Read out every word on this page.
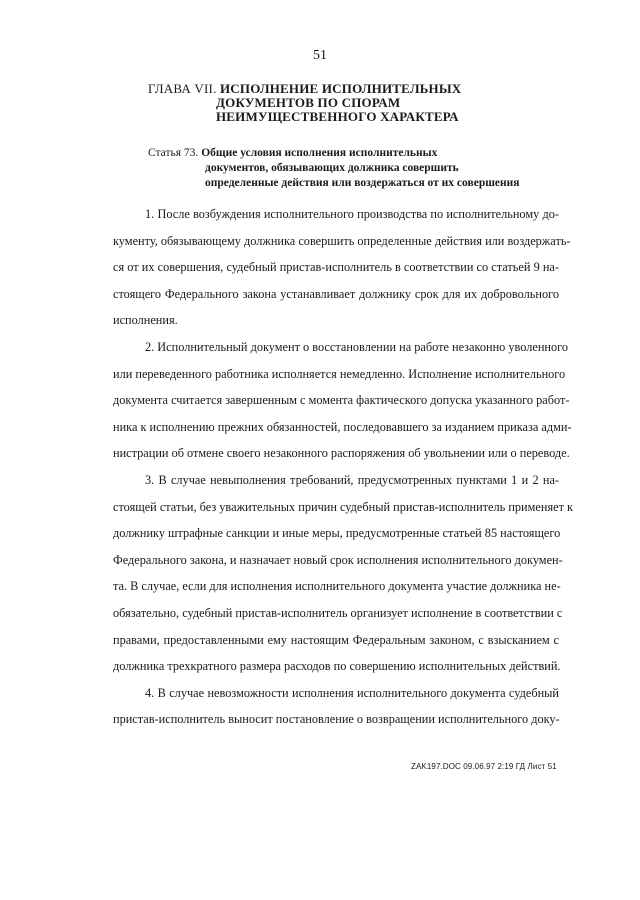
51
ГЛАВА VII. ИСПОЛНЕНИЕ ИСПОЛНИТЕЛЬНЫХ
ДОКУМЕНТОВ ПО СПОРАМ
НЕИМУЩЕСТВЕННОГО ХАРАКТЕРА
Статья 73. Общие условия исполнения исполнительных
документов, обязывающих должника совершить
определенные действия или воздержаться от их совершения
1. После возбуждения исполнительного производства по исполнительному до-
кументу, обязывающему должника совершить определенные действия или воздержать-
ся от их совершения, судебный пристав-исполнитель в соответствии со статьей 9 на-
стоящего Федерального закона устанавливает должнику срок для их добровольного
исполнения.
2. Исполнительный документ о восстановлении на работе незаконно уволенного
или переведенного работника исполняется немедленно. Исполнение исполнительного
документа считается завершенным с момента фактического допуска указанного работ-
ника к исполнению прежних обязанностей, последовавшего за изданием приказа адми-
нистрации об отмене своего незаконного распоряжения об увольнении или о переводе.
3. В случае невыполнения требований, предусмотренных пунктами 1 и 2 на-
стоящей статьи, без уважительных причин судебный пристав-исполнитель применяет к
должнику штрафные санкции и иные меры, предусмотренные статьей 85 настоящего
Федерального закона, и назначает новый срок исполнения исполнительного докумен-
та. В случае, если для исполнения исполнительного документа участие должника не-
обязательно, судебный пристав-исполнитель организует исполнение в соответствии с
правами, предоставленными ему настоящим Федеральным законом, с взысканием с
должника трехкратного размера расходов по совершению исполнительных действий.
4. В случае невозможности исполнения исполнительного документа судебный
пристав-исполнитель выносит постановление о возвращении исполнительного доку-
ZAK197.DOC 09.06.97 2:19 ГД Лист 51
